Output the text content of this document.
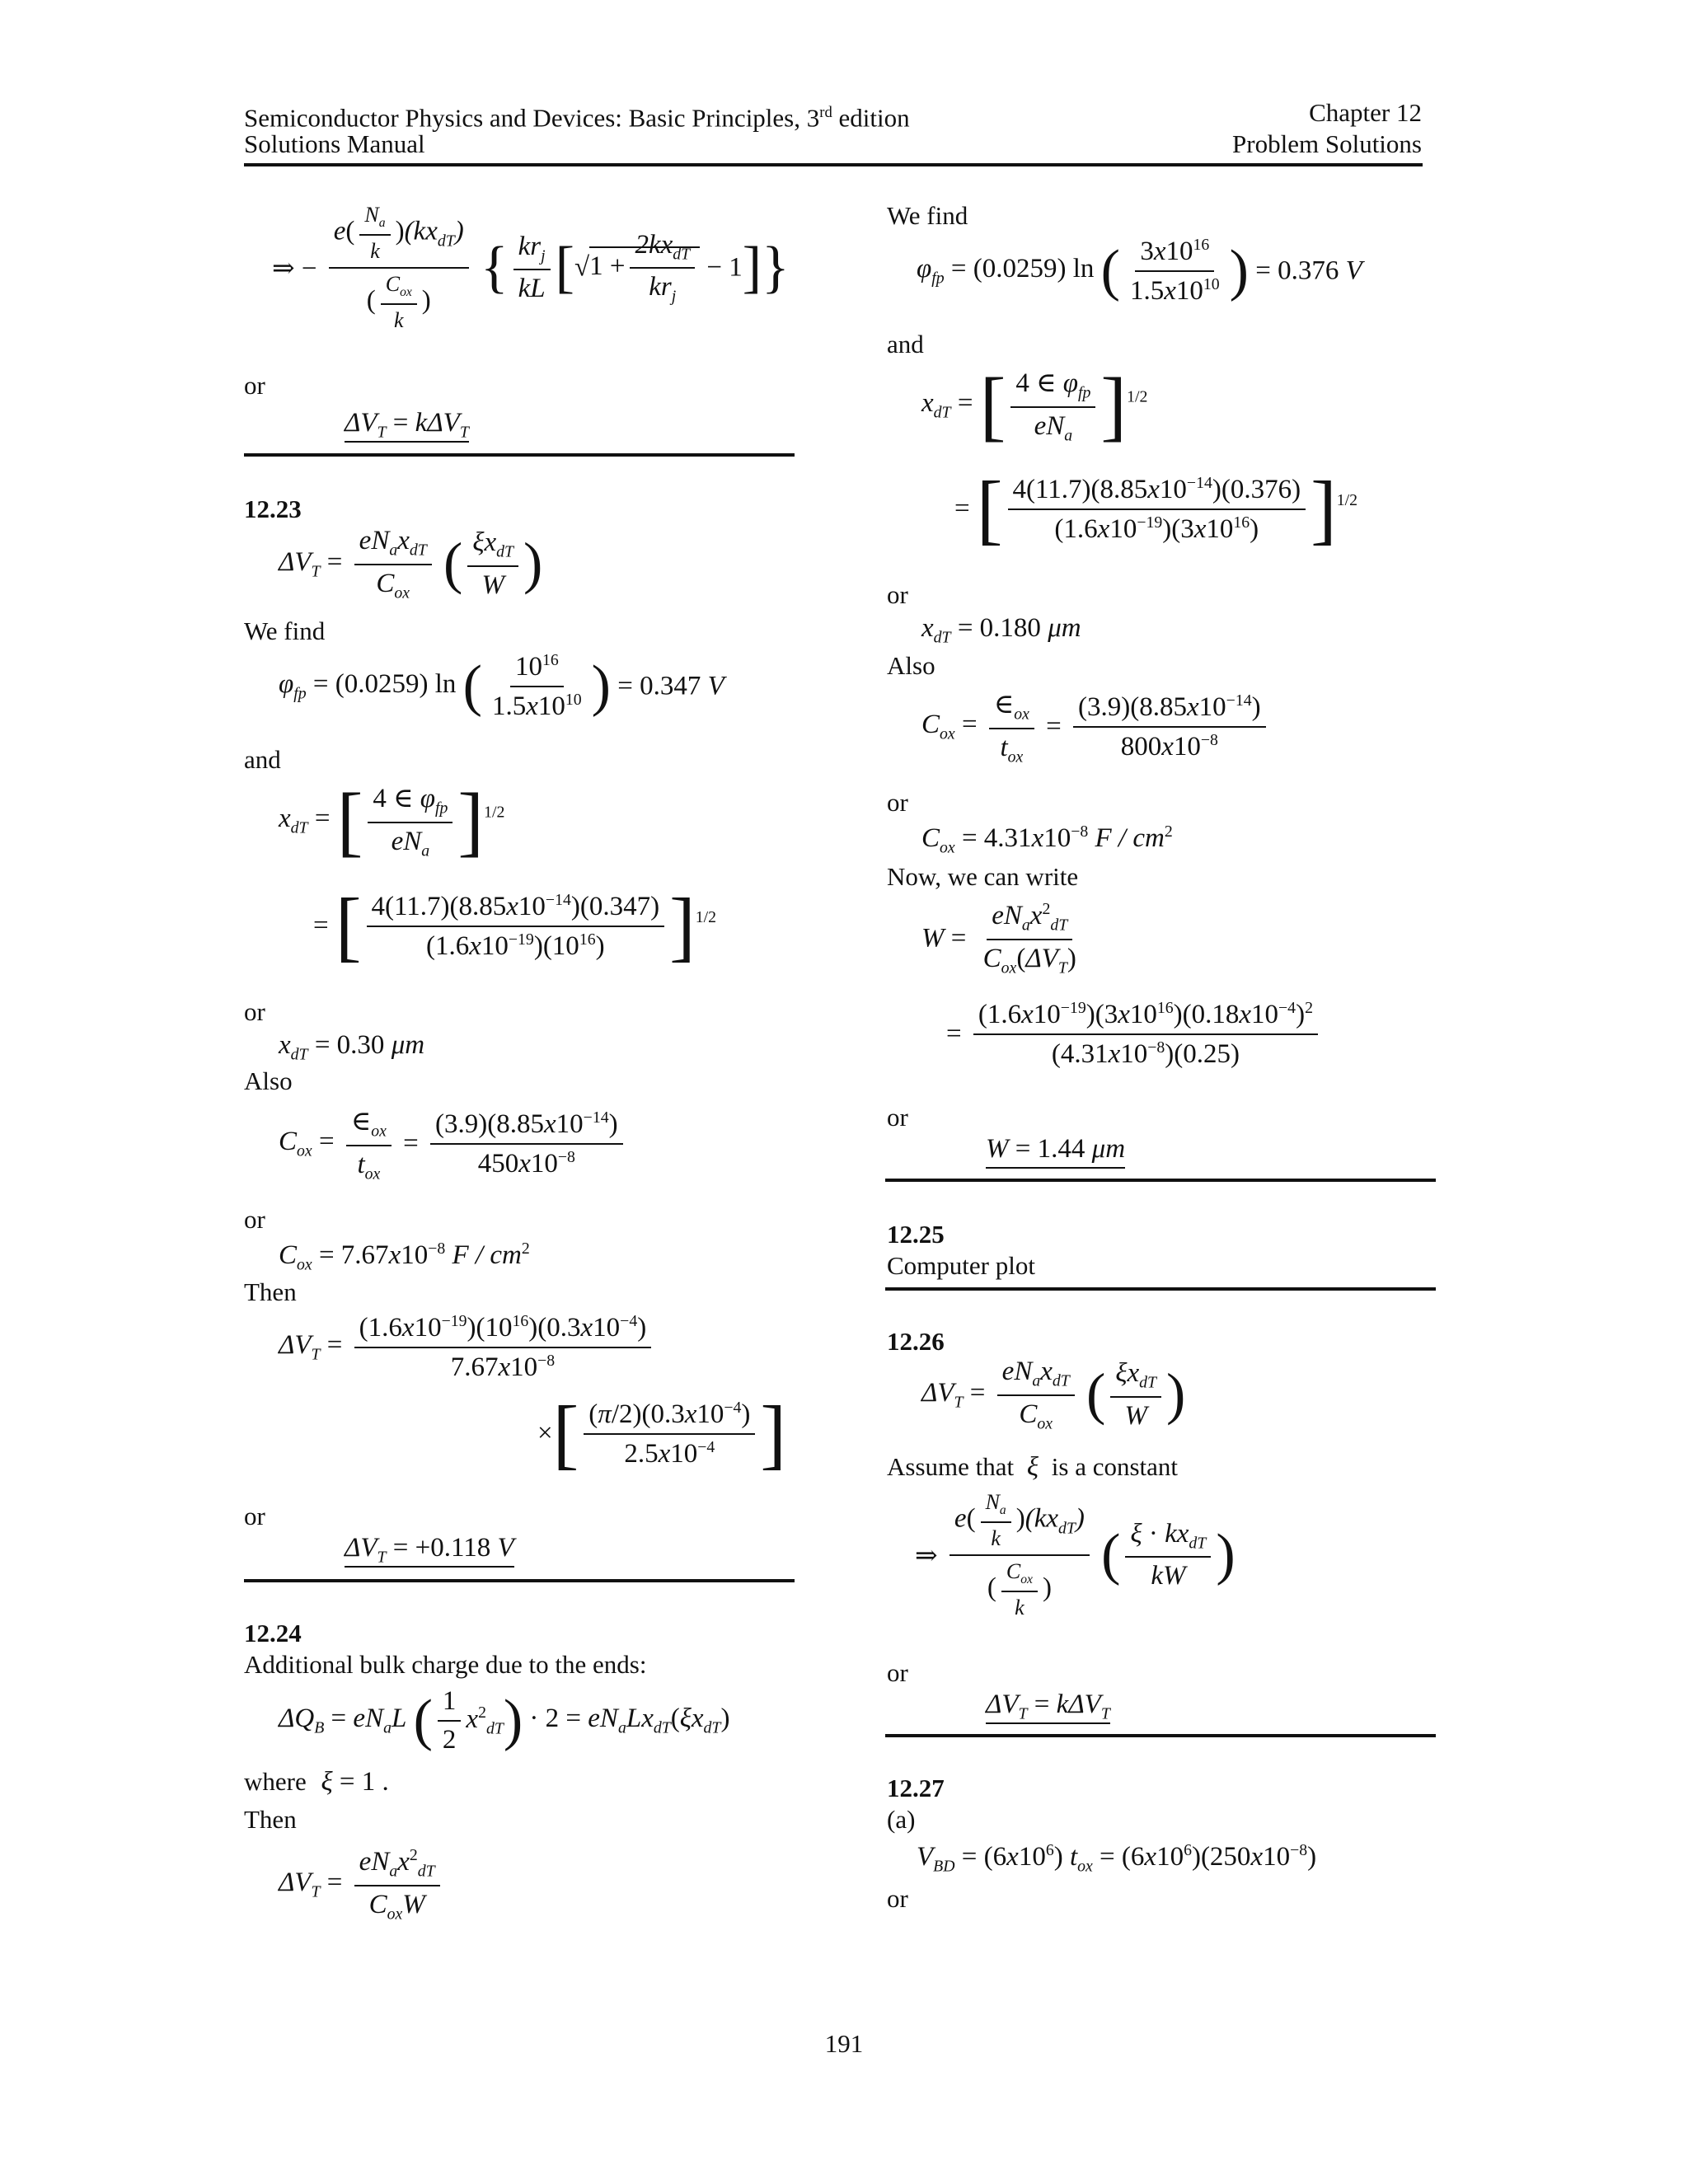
Semiconductor Physics and Devices: Basic Principles, 3rd edition
Solutions Manual
Chapter 12
Problem Solutions
⇒ − $\frac{e( \frac{N_a}{k} )(kx_{dT})}{( \frac{C_{ox}}{k} )}$ { $\frac{kr_j}{kL} [√1 + \frac{2kx_{dT}}{kr_j} - 1]$}
or
$\Delta V_T = k\Delta V_T$
12.23
$\Delta V_T = \frac{eN_ax_{dT}}{C_{ox}}$ ( $\frac{\xi x_{dT}}{W}$ )
We find
$\varphi_{fp} = (0.0259)$ ln ( $\frac{10^{16}}{1.5x10^{10}}$ ) = 0.347 V
and
$x_{dT}$ = [ $\frac{4 \in \varphi_{fp}}{eN_a} ]^{1/2}$
= [ $\frac{4(11.7)(8.85x10^{-14})(0.347)}{(1.6x10^{-19})(10^{16})} ]^{1/2}$
or
$x_{dT} = 0.30$ μm
Also
$C_{ox} = \frac{\in_{ox}}{t_{ox}} = \frac{(3.9)(8.85x10^{-14})}{450x10^{-8}}$
or
$C_{ox} = 7.67x10^{-8}$ F / $cm^2$
Then
$\Delta V_T = \frac{(1.6x10^{-19})(10^{16})(0.3x10^{-4})}{7.67x10^{-8}}$
×[ $\frac{(\pi/2)(0.3x10^{-4})}{2.5x10^{-4}}$ ]
or
$\Delta V_T = +0.118$ V
12.24
Additional bulk charge due to the ends:
$\Delta Q_B = eN_aL$ ( $\frac{1}{2} x^2_{dT}) \cdot 2 = eN_aLx_{dT}(\xi x_{dT})$
where ξ = 1 .
Then
$\Delta V_T = \frac{eN_ax^2_{dT}}{C_{ox}W}$
We find
$\varphi_{fp} = (0.0259)$ ln ( $\frac{3x10^{16}}{1.5x10^{10}}$ ) = 0.376 V
and
$x_{dT}$ = [ $\frac{4 \in \varphi_{fp}}{eN_a} ]^{1/2}$
= [ $\frac{4(11.7)(8.85x10^{-14})(0.376)}{(1.6x10^{-19})(3x10^{16})} ]^{1/2}$
or
$x_{dT} = 0.180$ μm
Also
$C_{ox} = \frac{\in_{ox}}{t_{ox}} = \frac{(3.9)(8.85x10^{-14})}{800x10^{-8}}$
or
$C_{ox} = 4.31x10^{-8}$ F / $cm^2$
Now, we can write
$W = \frac{eN_ax^2_{dT}}{C_{ox}(\Delta V_T)}$
= $\frac{(1.6x10^{-19})(3x10^{16})(0.18x10^{-4})^2}{(4.31x10^{-8})(0.25)}$
or
W = 1.44 μm
12.25
Computer plot
12.26
$\Delta V_T = \frac{eN_ax_{dT}}{C_{ox}}$ ( $\frac{\xi x_{dT}}{W}$ )
Assume that ξ is a constant
⇒ $\frac{e( \frac{N_a}{k} )(kx_{dT})}{( \frac{C_{ox}}{k} )}$ ( $\frac{\xi \cdot kx_{dT}}{kW}$ )
or
$\Delta V_T = k\Delta V_T$
12.27
(a)
$V_{BD} = (6x10^6) t_{ox} = (6x10^6)(250x10^{-8})$
or
191
